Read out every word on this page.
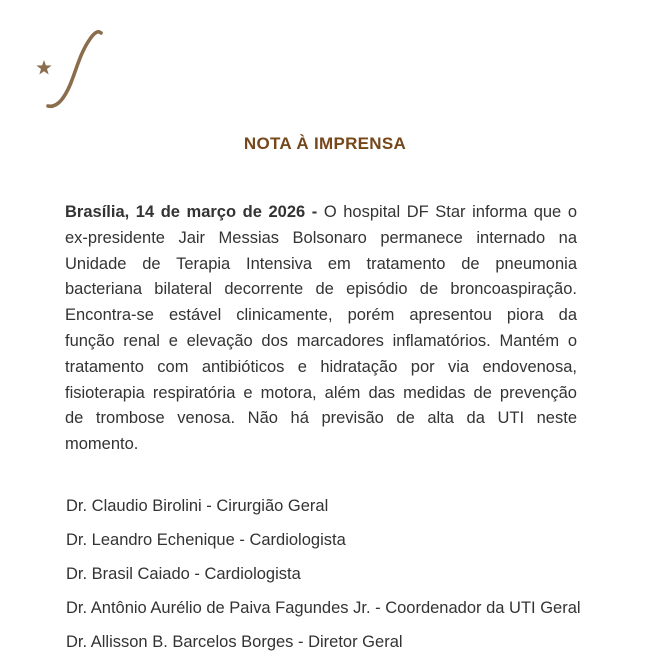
NOTA À IMPRENSA

Brasília, 14 de março de 2026 - O hospital DF Star informa que o ex-presidente Jair Messias Bolsonaro permanece internado na Unidade de Terapia Intensiva em tratamento de pneumonia bacteriana bilateral decorrente de episódio de broncoaspiração. Encontra-se estável clinicamente, porém apresentou piora da função renal e elevação dos marcadores inflamatórios. Mantém o tratamento com antibióticos e hidratação por via endovenosa, fisioterapia respiratória e motora, além das medidas de prevenção de trombose venosa. Não há previsão de alta da UTI neste momento.

Dr. Claudio Birolini - Cirurgião Geral
Dr. Leandro Echenique - Cardiologista
Dr. Brasil Caiado - Cardiologista
Dr. Antônio Aurélio de Paiva Fagundes Jr. - Coordenador da UTI Geral
Dr. Allisson B. Barcelos Borges - Diretor Geral
